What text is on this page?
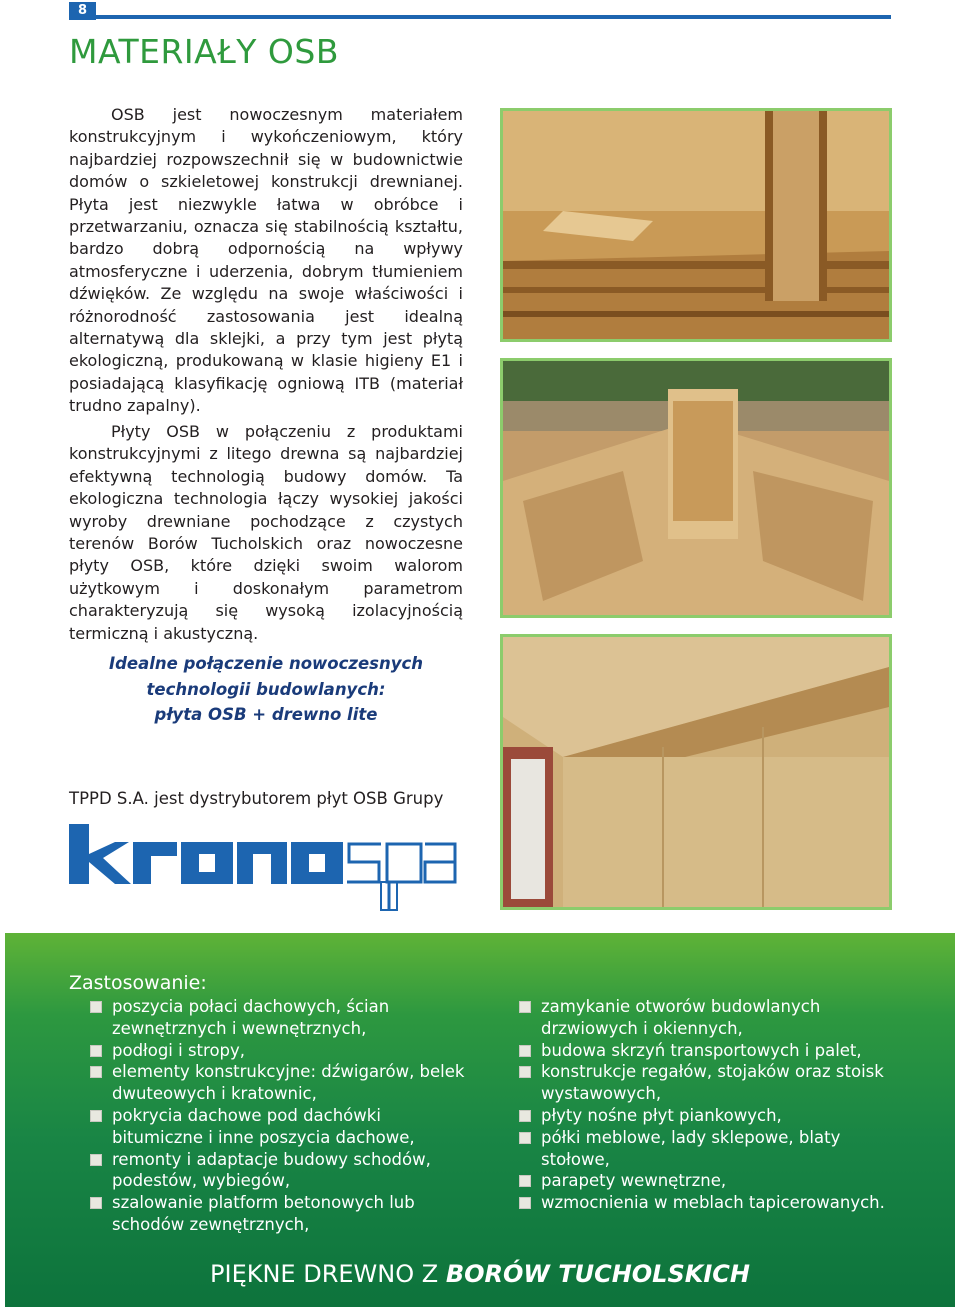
8
MATERIAŁY OSB

OSB jest nowoczesnym materiałem konstrukcyjnym i wykończeniowym, który najbardziej rozpowszechnił się w budownictwie domów o szkieletowej konstrukcji drewnianej. Płyta jest niezwykle łatwa w obróbce i przetwarzaniu, oznacza się stabilnością kształtu, bardzo dobrą odpornością na wpływy atmosferyczne i uderzenia, dobrym tłumieniem dźwięków. Ze względu na swoje właściwości i różnorodność zastosowania jest idealną alternatywą dla sklejki, a przy tym jest płytą ekologiczną, produkowaną w klasie higieny E1 i posiadającą klasyfikację ogniową ITB (materiał trudno zapalny).

Płyty OSB w połączeniu z produktami konstrukcyjnymi z litego drewna są najbardziej efektywną technologią budowy domów. Ta ekologiczna technologia łączy wysokiej jakości wyroby drewniane pochodzące z czystych terenów Borów Tucholskich oraz nowoczesne płyty OSB, które dzięki swoim walorom użytkowym i doskonałym parametrom charakteryzują się wysoką izolacyjnością termiczną i akustyczną.

Idealne połączenie nowoczesnych
technologii budowlanych:
płyta OSB + drewno lite
TPPD S.A. jest dystrybutorem płyt OSB Grupy
Zastosowanie:
poszycia połaci dachowych, ścian zewnętrznych i wewnętrznych,
podłogi i stropy,
elementy konstrukcyjne: dźwigarów, belek dwuteowych i kratownic,
pokrycia dachowe pod dachówki bitumiczne i inne poszycia dachowe,
remonty i adaptacje budowy schodów, podestów, wybiegów,
szalowanie platform betonowych lub schodów zewnętrznych,
zamykanie otworów budowlanych drzwiowych i okiennych,
budowa skrzyń transportowych i palet,
konstrukcje regałów, stojaków oraz stoisk wystawowych,
płyty nośne płyt piankowych,
półki meblowe, lady sklepowe, blaty stołowe,
parapety wewnętrzne,
wzmocnienia w meblach tapicerowanych.
PIĘKNE DREWNO Z BORÓW TUCHOLSKICH
